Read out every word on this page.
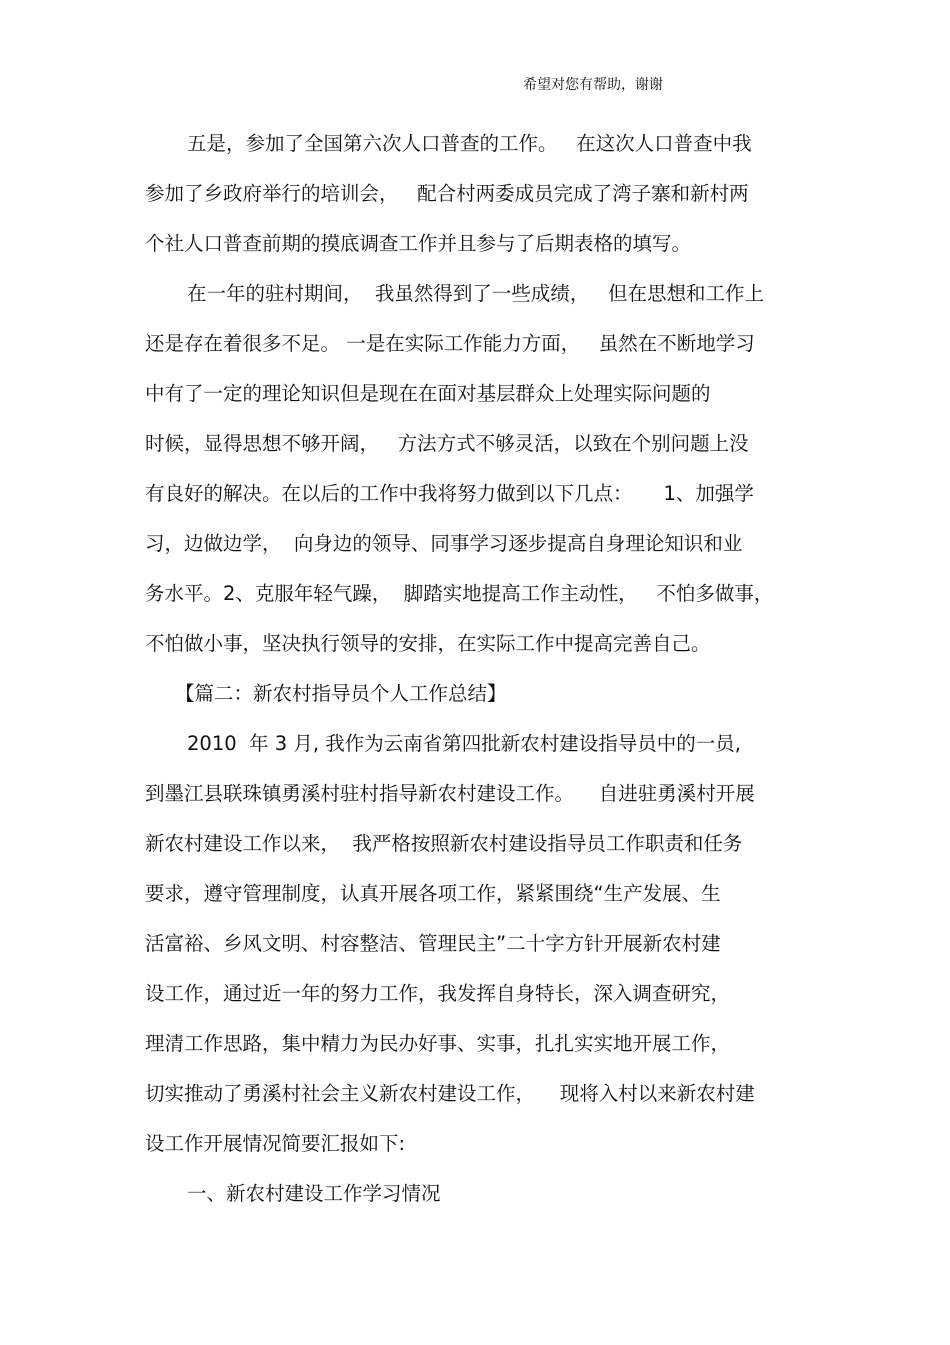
希望对您有帮助，谢谢
五是，参加了全国第六次人口普查的工作。   在这次人口普查中我
参加了乡政府举行的培训会，   配合村两委成员完成了湾子寨和新村两
个社人口普查前期的摸底调查工作并且参与了后期表格的填写。
在一年的驻村期间，  我虽然得到了一些成绩，   但在思想和工作上
还是存在着很多不足。 一是在实际工作能力方面，   虽然在不断地学习
中有了一定的理论知识但是现在在面对基层群众上处理实际问题的
时候，显得思想不够开阔，   方法方式不够灵活，以致在个别问题上没
有良好的解决。在以后的工作中我将努力做到以下几点：     1、加强学
习，边做边学，  向身边的领导、同事学习逐步提高自身理论知识和业
务水平。2、克服年轻气躁，  脚踏实地提高工作主动性，   不怕多做事，
不怕做小事，坚决执行领导的安排，在实际工作中提高完善自己。
【篇二：新农村指导员个人工作总结】
2010  年 3 月, 我作为云南省第四批新农村建设指导员中的一员,
到墨江县联珠镇勇溪村驻村指导新农村建设工作。    自进驻勇溪村开展
新农村建设工作以来，  我严格按照新农村建设指导员工作职责和任务
要求，遵守管理制度，认真开展各项工作，紧紧围绕“生产发展、生
活富裕、乡风文明、村容整洁、管理民主”二十字方针开展新农村建
设工作，通过近一年的努力工作，我发挥自身特长，深入调查研究，
理清工作思路，集中精力为民办好事、实事，扎扎实实地开展工作，
切实推动了勇溪村社会主义新农村建设工作，    现将入村以来新农村建
设工作开展情况简要汇报如下:
一、新农村建设工作学习情况
